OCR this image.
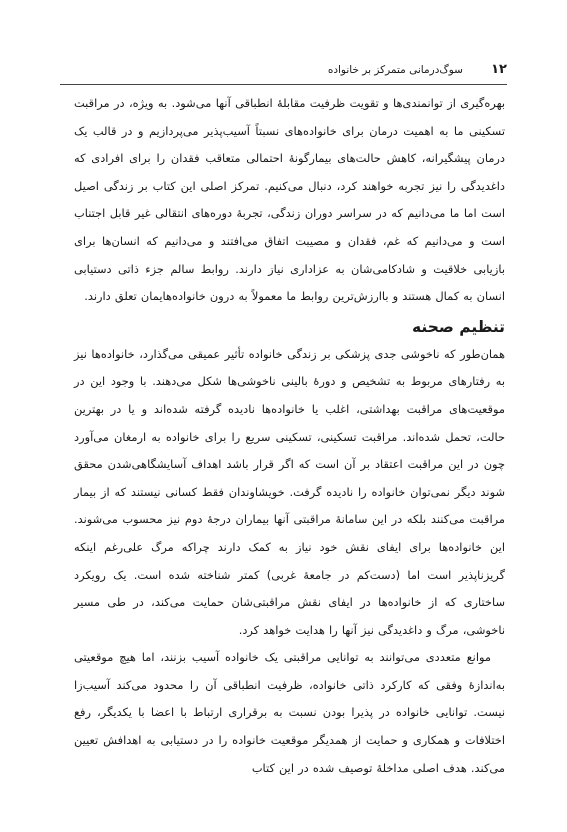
۱۲
سوگ‌درمانی متمرکز بر خانواده

بهره‌گیری از توانمندی‌ها و تقویت ظرفیت مقابلهٔ انطباقی آنها می‌شود. به ویژه، در مراقبت تسکینی ما به اهمیت درمان برای خانواده‌های نسبتاً آسیب‌پذیر می‌پردازیم و در قالب یک درمان پیشگیرانه، کاهش حالت‌های بیمارگونهٔ احتمالی متعاقب فقدان را برای افرادی که داغدیدگی را نیز تجربه خواهند کرد، دنبال می‌کنیم. تمرکز اصلی این کتاب بر زندگی اصیل است اما ما می‌دانیم که در سراسر دوران زندگی، تجربهٔ دوره‌های انتقالی غیر قابل اجتناب است و می‌دانیم که غم، فقدان و مصیبت اتفاق می‌افتند و می‌دانیم که انسان‌ها برای بازیابی خلاقیت و شادکامی‌شان به عزاداری نیاز دارند. روابط سالم جزء ذاتی دستیابی انسان به کمال هستند و باارزش‌ترین روابط ما معمولاً به درون خانواده‌هایمان تعلق دارند.

تنظیم صحنه

همان‌طور که ناخوشی جدی پزشکی بر زندگی خانواده تأثیر عمیقی می‌گذارد، خانواده‌ها نیز به رفتارهای مربوط به تشخیص و دورهٔ بالینی ناخوشی‌ها شکل می‌دهند. با وجود این در موقعیت‌های مراقبت بهداشتی، اغلب یا خانواده‌ها نادیده گرفته شده‌اند و یا در بهترین حالت، تحمل شده‌اند. مراقبت تسکینی، تسکینی سریع را برای خانواده به ارمغان می‌آورد چون در این مراقبت اعتقاد بر آن است که اگر قرار باشد اهداف آسایشگاهی‌شدن محقق شوند دیگر نمی‌توان خانواده را نادیده گرفت. خویشاوندان فقط کسانی نیستند که از بیمار مراقبت می‌کنند بلکه در این سامانهٔ مراقبتی آنها بیماران درجهٔ دوم نیز محسوب می‌شوند. این خانواده‌ها برای ایفای نقش خود نیاز به کمک دارند چراکه مرگ علی‌رغم اینکه گریزناپذیر است اما (دست‌کم در جامعهٔ غربی) کمتر شناخته شده است. یک رویکرد ساختاری که از خانواده‌ها در ایفای نقش مراقبتی‌شان حمایت می‌کند، در طی مسیر ناخوشی، مرگ و داغدیدگی نیز آنها را هدایت خواهد کرد.

موانع متعددی می‌توانند به توانایی مراقبتی یک خانواده آسیب بزنند، اما هیچ موقعیتی به‌اندازهٔ وفقی که کارکرد ذاتی خانواده، ظرفیت انطباقی آن را محدود می‌کند آسیب‌زا نیست. توانایی خانواده در پذیرا بودن نسبت به برقراری ارتباط با اعضا با یکدیگر، رفع اختلافات و همکاری و حمایت از همدیگر موقعیت خانواده را در دستیابی به اهدافش تعیین می‌کند. هدف اصلی مداخلهٔ توصیف شده در این کتاب
